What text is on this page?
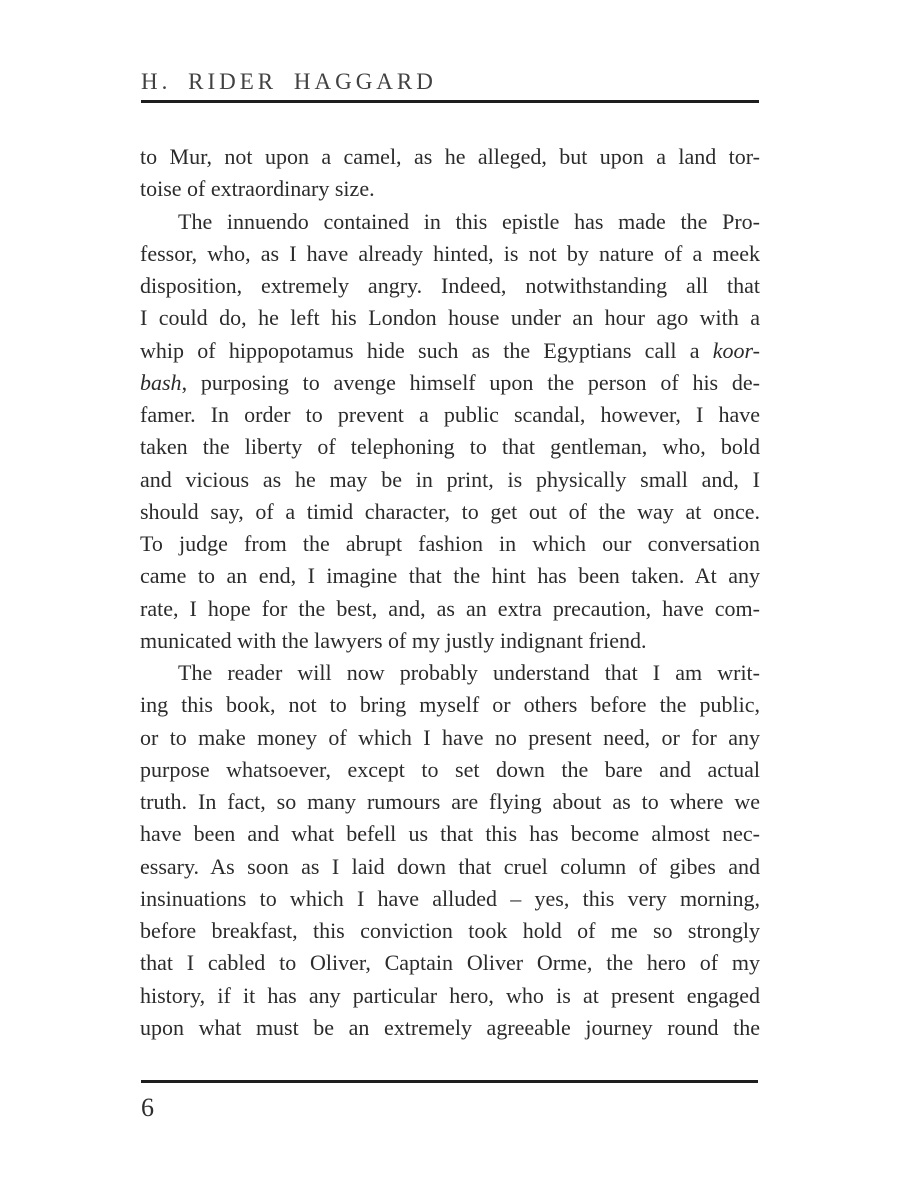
H. RIDER HAGGARD
to Mur, not upon a camel, as he alleged, but upon a land tor-
toise of extraordinary size.
The innuendo contained in this epistle has made the Pro-
fessor, who, as I have already hinted, is not by nature of a meek
disposition, extremely angry. Indeed, notwithstanding all that
I could do, he left his London house under an hour ago with a
whip of hippopotamus hide such as the Egyptians call a koor-
bash, purposing to avenge himself upon the person of his de-
famer. In order to prevent a public scandal, however, I have
taken the liberty of telephoning to that gentleman, who, bold
and vicious as he may be in print, is physically small and, I
should say, of a timid character, to get out of the way at once.
To judge from the abrupt fashion in which our conversation
came to an end, I imagine that the hint has been taken. At any
rate, I hope for the best, and, as an extra precaution, have com-
municated with the lawyers of my justly indignant friend.
The reader will now probably understand that I am writ-
ing this book, not to bring myself or others before the public,
or to make money of which I have no present need, or for any
purpose whatsoever, except to set down the bare and actual
truth. In fact, so many rumours are flying about as to where we
have been and what befell us that this has become almost nec-
essary. As soon as I laid down that cruel column of gibes and
insinuations to which I have alluded – yes, this very morning,
before breakfast, this conviction took hold of me so strongly
that I cabled to Oliver, Captain Oliver Orme, the hero of my
history, if it has any particular hero, who is at present engaged
upon what must be an extremely agreeable journey round the
6
